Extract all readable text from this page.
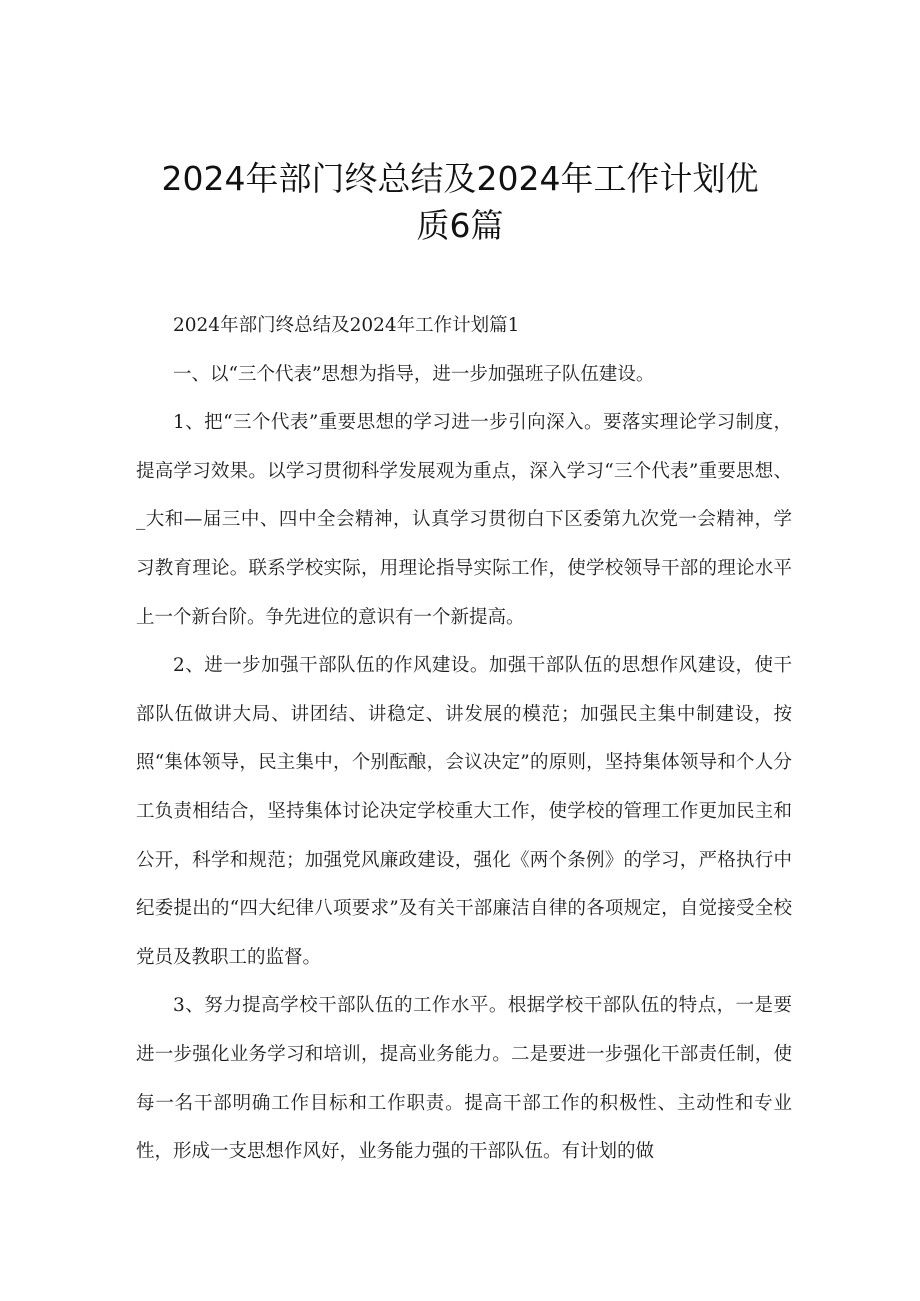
2024年部门终总结及2024年工作计划优
质6篇

2024年部门终总结及2024年工作计划篇1

一、以“三个代表”思想为指导，进一步加强班子队伍建设。

1、把“三个代表”重要思想的学习进一步引向深入。要落实理论学习制度，提高学习效果。以学习贯彻科学发展观为重点，深入学习“三个代表”重要思想、_大和—届三中、四中全会精神，认真学习贯彻白下区委第九次党一会精神，学习教育理论。联系学校实际，用理论指导实际工作，使学校领导干部的理论水平上一个新台阶。争先进位的意识有一个新提高。

2、进一步加强干部队伍的作风建设。加强干部队伍的思想作风建设，使干部队伍做讲大局、讲团结、讲稳定、讲发展的模范；加强民主集中制建设，按照“集体领导，民主集中，个别酝酿，会议决定”的原则，坚持集体领导和个人分工负责相结合，坚持集体讨论决定学校重大工作，使学校的管理工作更加民主和公开，科学和规范；加强党风廉政建设，强化《两个条例》的学习，严格执行中纪委提出的“四大纪律八项要求”及有关干部廉洁自律的各项规定，自觉接受全校党员及教职工的监督。

3、努力提高学校干部队伍的工作水平。根据学校干部队伍的特点，一是要进一步强化业务学习和培训，提高业务能力。二是要进一步强化干部责任制，使每一名干部明确工作目标和工作职责。提高干部工作的积极性、主动性和专业性，形成一支思想作风好，业务能力强的干部队伍。有计划的做
